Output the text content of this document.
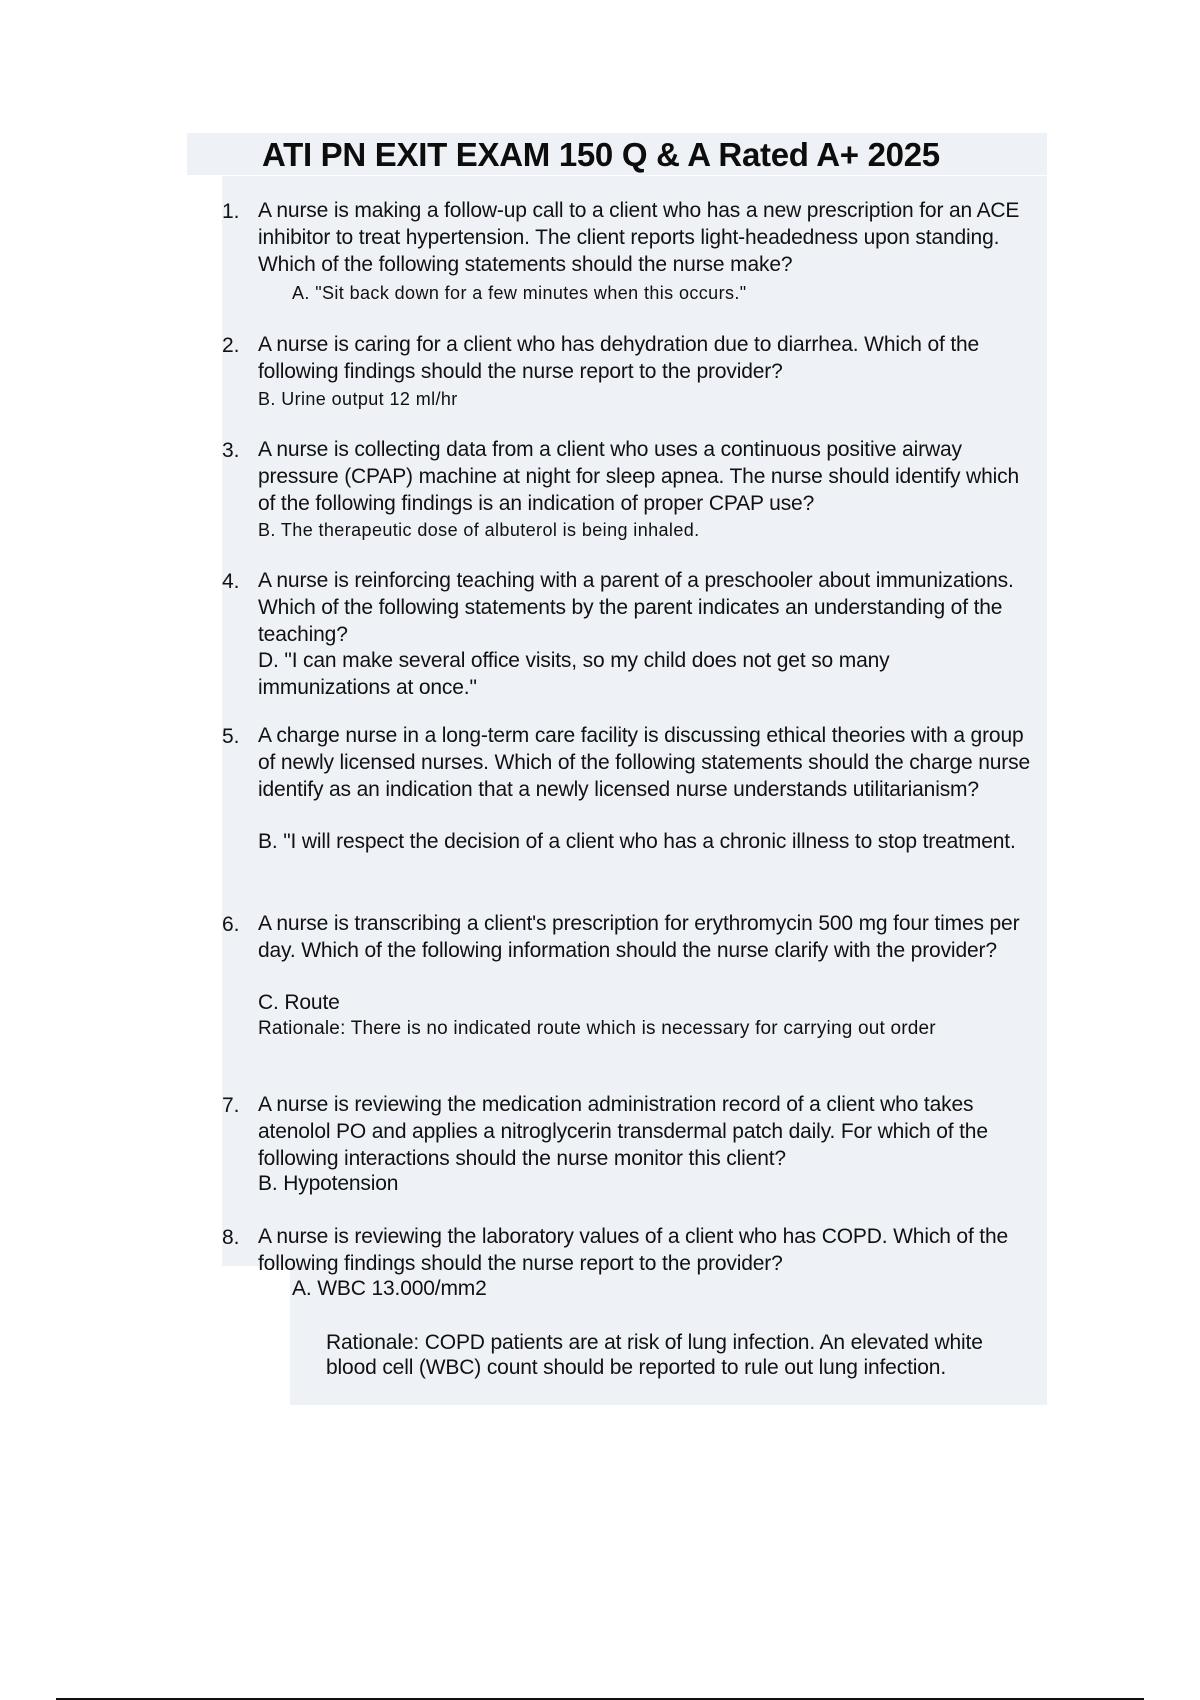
ATI PN EXIT EXAM 150 Q & A Rated A+ 2025
1. A nurse is making a follow-up call to a client who has a new prescription for an ACE inhibitor to treat hypertension. The client reports light-headedness upon standing. Which of the following statements should the nurse make?
A. "Sit back down for a few minutes when this occurs."
2. A nurse is caring for a client who has dehydration due to diarrhea. Which of the following findings should the nurse report to the provider?
B. Urine output 12 ml/hr
3. A nurse is collecting data from a client who uses a continuous positive airway pressure (CPAP) machine at night for sleep apnea. The nurse should identify which of the following findings is an indication of proper CPAP use?
B. The therapeutic dose of albuterol is being inhaled.
4. A nurse is reinforcing teaching with a parent of a preschooler about immunizations. Which of the following statements by the parent indicates an understanding of the teaching?
D. "I can make several office visits, so my child does not get so many immunizations at once."
5. A charge nurse in a long-term care facility is discussing ethical theories with a group of newly licensed nurses. Which of the following statements should the charge nurse identify as an indication that a newly licensed nurse understands utilitarianism?
B. "I will respect the decision of a client who has a chronic illness to stop treatment.
6. A nurse is transcribing a client's prescription for erythromycin 500 mg four times per day. Which of the following information should the nurse clarify with the provider?
C. Route
Rationale: There is no indicated route which is necessary for carrying out order
7. A nurse is reviewing the medication administration record of a client who takes atenolol PO and applies a nitroglycerin transdermal patch daily. For which of the following interactions should the nurse monitor this client?
B. Hypotension
8. A nurse is reviewing the laboratory values of a client who has COPD. Which of the following findings should the nurse report to the provider?
A. WBC 13.000/mm2
Rationale: COPD patients are at risk of lung infection. An elevated white blood cell (WBC) count should be reported to rule out lung infection.
